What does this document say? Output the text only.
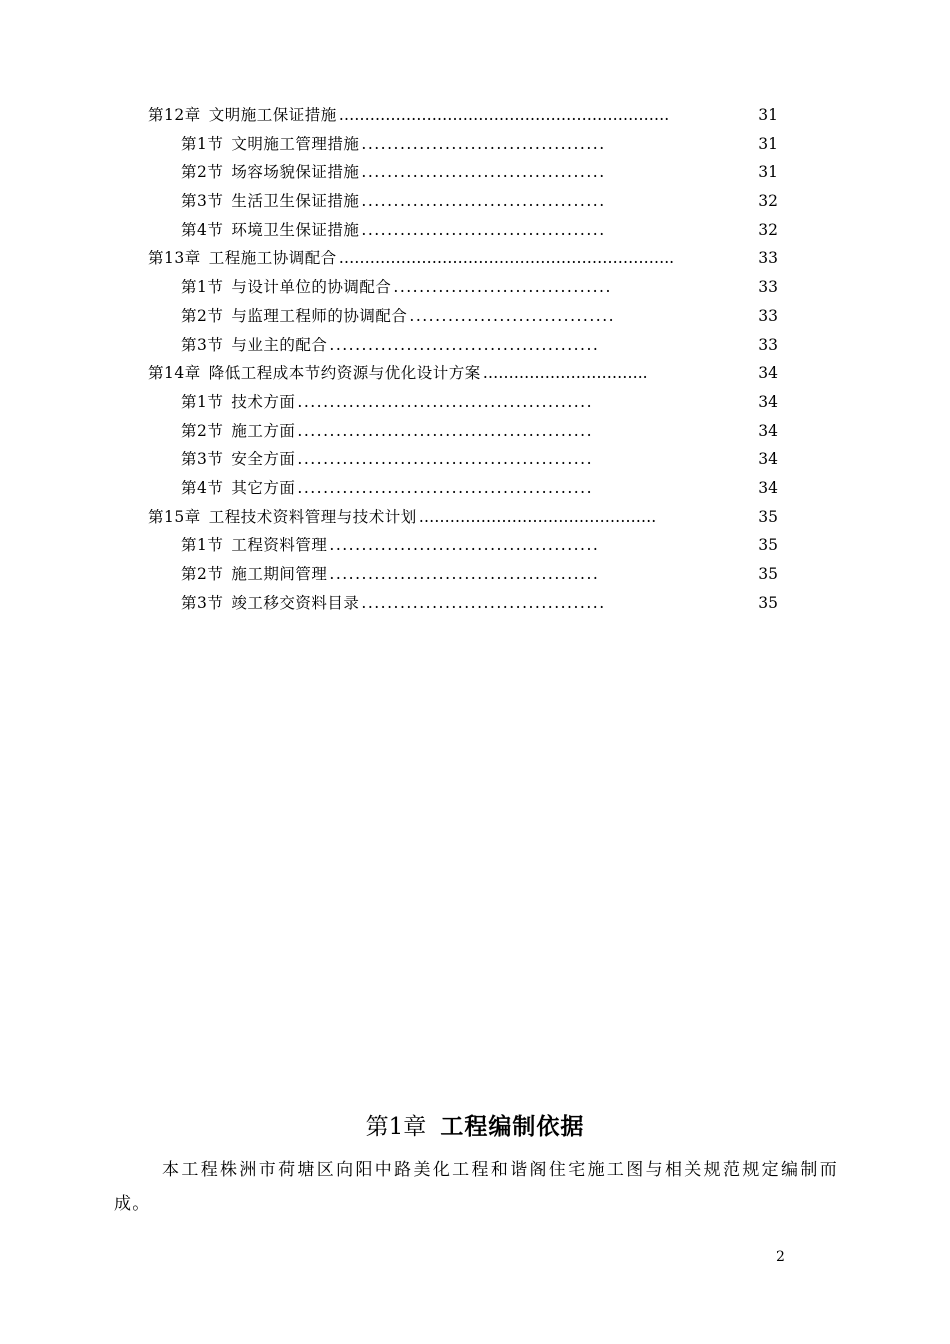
第12章 文明施工保证措施 ……………………………………………………….	31
第1节 文明施工管理措施 ......................................	31
第2节 场容场貌保证措施 ......................................	31
第3节 生活卫生保证措施 ......................................	32
第4节 环境卫生保证措施 ......................................	32
第13章 工程施工协调配合 ………………………………………………………..	33
第1节 与设计单位的协调配合 ..................................	33
第2节 与监理工程师的协调配合 ................................	33
第3节 与业主的配合 ..........................................	33
第14章 降低工程成本节约资源与优化设计方案 …………………………..	34
第1节 技术方面 ..............................................	34
第2节 施工方面 ..............................................	34
第3节 安全方面 ..............................................	34
第4节 其它方面 ..............................................	34
第15章 工程技术资料管理与技术计划 ……………………………………….	35
第1节 工程资料管理 ..........................................	35
第2节 施工期间管理 ..........................................	35
第3节 竣工移交资料目录 ......................................	35
第1章 工程编制依据
本工程株洲市荷塘区向阳中路美化工程和谐阁住宅施工图与相关规范规定编制而成。
2
